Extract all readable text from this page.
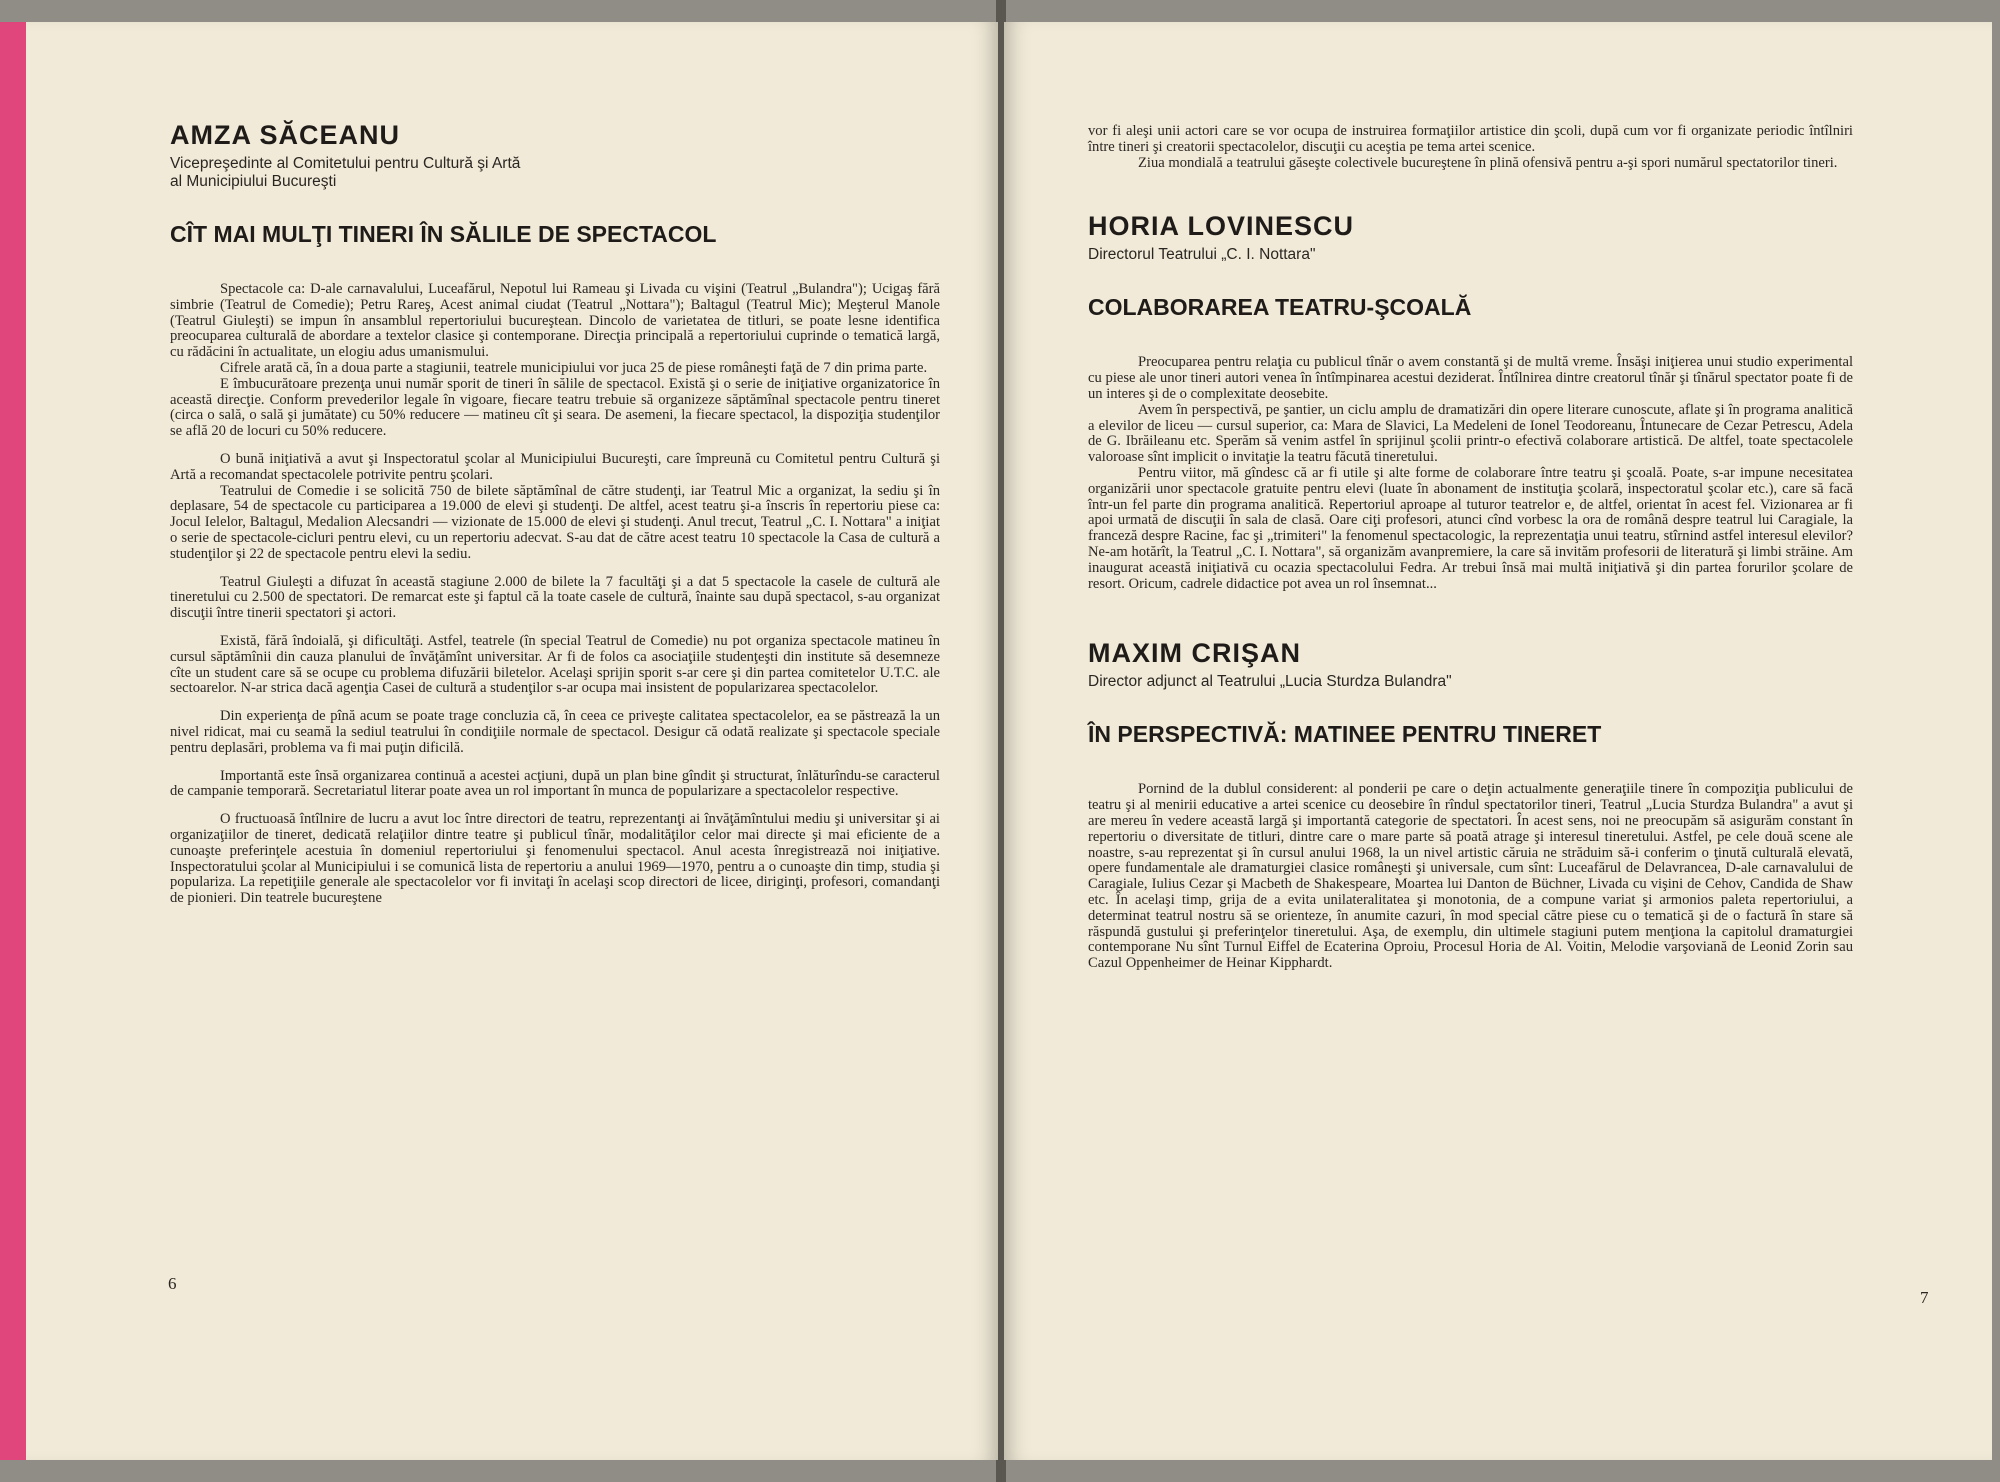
AMZA SĂCEANU
Vicepreşedinte al Comitetului pentru Cultură şi Artă
al Municipiului Bucureşti
CÎT MAI MULŢI TINERI ÎN SĂLILE DE SPECTACOL

Spectacole ca: D-ale carnavalului, Luceafărul, Nepotul lui Rameau şi Livada cu vişini (Teatrul „Bulandra"); Ucigaş fără simbrie (Teatrul de Comedie); Petru Rareş, Acest animal ciudat (Teatrul „Nottara"); Baltagul (Teatrul Mic); Meşterul Manole (Teatrul Giuleşti) se impun în ansamblul repertoriului bucureştean. Dincolo de varietatea de titluri, se poate lesne identifica preocuparea culturală de abordare a textelor clasice şi contemporane. Direcţia principală a repertoriului cuprinde o tematică largă, cu rădăcini în actualitate, un elogiu adus umanismului.

Cifrele arată că, în a doua parte a stagiunii, teatrele municipiului vor juca 25 de piese româneşti faţă de 7 din prima parte.

E îmbucurătoare prezenţa unui număr sporit de tineri în sălile de spectacol. Există şi o serie de iniţiative organizatorice în această direcţie. Conform prevederilor legale în vigoare, fiecare teatru trebuie să organizeze săptămînal spectacole pentru tineret (circa o sală, o sală şi jumătate) cu 50% reducere — matineu cît şi seara. De asemeni, la fiecare spectacol, la dispoziţia studenţilor se află 20 de locuri cu 50% reducere.

O bună iniţiativă a avut şi Inspectoratul şcolar al Municipiului Bucureşti, care împreună cu Comitetul pentru Cultură şi Artă a recomandat spectacolele potrivite pentru şcolari.

Teatrului de Comedie i se solicită 750 de bilete săptămînal de către studenţi, iar Teatrul Mic a organizat, la sediu şi în deplasare, 54 de spectacole cu participarea a 19.000 de elevi şi studenţi. De altfel, acest teatru şi-a înscris în repertoriu piese ca: Jocul Ielelor, Baltagul, Medalion Alecsandri — vizionate de 15.000 de elevi şi studenţi. Anul trecut, Teatrul „C. I. Nottara" a iniţiat o serie de spectacole-cicluri pentru elevi, cu un repertoriu adecvat. S-au dat de către acest teatru 10 spectacole la Casa de cultură a studenţilor şi 22 de spectacole pentru elevi la sediu.

Teatrul Giuleşti a difuzat în această stagiune 2.000 de bilete la 7 facultăţi şi a dat 5 spectacole la casele de cultură ale tineretului cu 2.500 de spectatori. De remarcat este şi faptul că la toate casele de cultură, înainte sau după spectacol, s-au organizat discuţii între tinerii spectatori şi actori.

Există, fără îndoială, şi dificultăţi. Astfel, teatrele (în special Teatrul de Comedie) nu pot organiza spectacole matineu în cursul săptămînii din cauza planului de învăţămînt universitar. Ar fi de folos ca asociaţiile studenţeşti din institute să desemneze cîte un student care să se ocupe cu problema difuzării biletelor. Acelaşi sprijin sporit s-ar cere şi din partea comitetelor U.T.C. ale sectoarelor. N-ar strica dacă agenţia Casei de cultură a studenţilor s-ar ocupa mai insistent de popularizarea spectacolelor.

Din experienţa de pînă acum se poate trage concluzia că, în ceea ce priveşte calitatea spectacolelor, ea se păstrează la un nivel ridicat, mai cu seamă la sediul teatrului în condiţiile normale de spectacol. Desigur că odată realizate şi spectacole speciale pentru deplasări, problema va fi mai puţin dificilă.

Importantă este însă organizarea continuă a acestei acţiuni, după un plan bine gîndit şi structurat, înlăturîndu-se caracterul de campanie temporară. Secretariatul literar poate avea un rol important în munca de popularizare a spectacolelor respective.

O fructuoasă întîlnire de lucru a avut loc între directori de teatru, reprezentanţi ai învăţămîntului mediu şi universitar şi ai organizaţiilor de tineret, dedicată relaţiilor dintre teatre şi publicul tînăr, modalităţilor celor mai directe şi mai eficiente de a cunoaşte preferinţele acestuia în domeniul repertoriului şi fenomenului spectacol. Anul acesta înregistrează noi iniţiative. Inspectoratului şcolar al Municipiului i se comunică lista de repertoriu a anului 1969—1970, pentru a o cunoaşte din timp, studia şi populariza. La repetiţiile generale ale spectacolelor vor fi invitaţi în acelaşi scop directori de licee, diriginţi, profesori, comandanţi de pionieri. Din teatrele bucureştene

6

vor fi aleşi unii actori care se vor ocupa de instruirea formaţiilor artistice din şcoli, după cum vor fi organizate periodic întîlniri între tineri şi creatorii spectacolelor, discuţii cu aceştia pe tema artei scenice.

Ziua mondială a teatrului găseşte colectivele bucureştene în plină ofensivă pentru a-şi spori numărul spectatorilor tineri.

HORIA LOVINESCU
Directorul Teatrului „C. I. Nottara"
COLABORAREA TEATRU-ŞCOALĂ

Preocuparea pentru relaţia cu publicul tînăr o avem constantă şi de multă vreme. Însăşi iniţierea unui studio experimental cu piese ale unor tineri autori venea în întîmpinarea acestui deziderat. Întîlnirea dintre creatorul tînăr şi tînărul spectator poate fi de un interes şi de o complexitate deosebite.

Avem în perspectivă, pe şantier, un ciclu amplu de dramatizări din opere literare cunoscute, aflate şi în programa analitică a elevilor de liceu — cursul superior, ca: Mara de Slavici, La Medeleni de Ionel Teodoreanu, Întunecare de Cezar Petrescu, Adela de G. Ibrăileanu etc. Sperăm să venim astfel în sprijinul şcolii printr-o efectivă colaborare artistică. De altfel, toate spectacolele valoroase sînt implicit o invitaţie la teatru făcută tineretului.

Pentru viitor, mă gîndesc că ar fi utile şi alte forme de colaborare între teatru şi şcoală. Poate, s-ar impune necesitatea organizării unor spectacole gratuite pentru elevi (luate în abonament de instituţia şcolară, inspectoratul şcolar etc.), care să facă într-un fel parte din programa analitică. Repertoriul aproape al tuturor teatrelor e, de altfel, orientat în acest fel. Vizionarea ar fi apoi urmată de discuţii în sala de clasă. Oare ciţi profesori, atunci cînd vorbesc la ora de română despre teatrul lui Caragiale, la franceză despre Racine, fac şi „trimiteri" la fenomenul spectacologic, la reprezentaţia unui teatru, stîrnind astfel interesul elevilor? Ne-am hotărît, la Teatrul „C. I. Nottara", să organizăm avanpremiere, la care să invităm profesorii de literatură şi limbi străine. Am inaugurat această iniţiativă cu ocazia spectacolului Fedra. Ar trebui însă mai multă iniţiativă şi din partea forurilor şcolare de resort. Oricum, cadrele didactice pot avea un rol însemnat...

MAXIM CRIŞAN
Director adjunct al Teatrului „Lucia Sturdza Bulandra"
ÎN PERSPECTIVĂ: MATINEE PENTRU TINERET

Pornind de la dublul considerent: al ponderii pe care o deţin actualmente generaţiile tinere în compoziţia publicului de teatru şi al menirii educative a artei scenice cu deosebire în rîndul spectatorilor tineri, Teatrul „Lucia Sturdza Bulandra" a avut şi are mereu în vedere această largă şi importantă categorie de spectatori. În acest sens, noi ne preocupăm să asigurăm constant în repertoriu o diversitate de titluri, dintre care o mare parte să poată atrage şi interesul tineretului. Astfel, pe cele două scene ale noastre, s-au reprezentat şi în cursul anului 1968, la un nivel artistic căruia ne străduim să-i conferim o ţinută culturală elevată, opere fundamentale ale dramaturgiei clasice româneşti şi universale, cum sînt: Luceafărul de Delavrancea, D-ale carnavalului de Caragiale, Iulius Cezar şi Macbeth de Shakespeare, Moartea lui Danton de Büchner, Livada cu vişini de Cehov, Candida de Shaw etc. În acelaşi timp, grija de a evita unilateralitatea şi monotonia, de a compune variat şi armonios paleta repertoriului, a determinat teatrul nostru să se orienteze, în anumite cazuri, în mod special către piese cu o tematică şi de o factură în stare să răspundă gustului şi preferinţelor tineretului. Aşa, de exemplu, din ultimele stagiuni putem menţiona la capitolul dramaturgiei contemporane Nu sînt Turnul Eiffel de Ecaterina Oproiu, Procesul Horia de Al. Voitin, Melodie varşoviană de Leonid Zorin sau Cazul Oppenheimer de Heinar Kipphardt.

7
